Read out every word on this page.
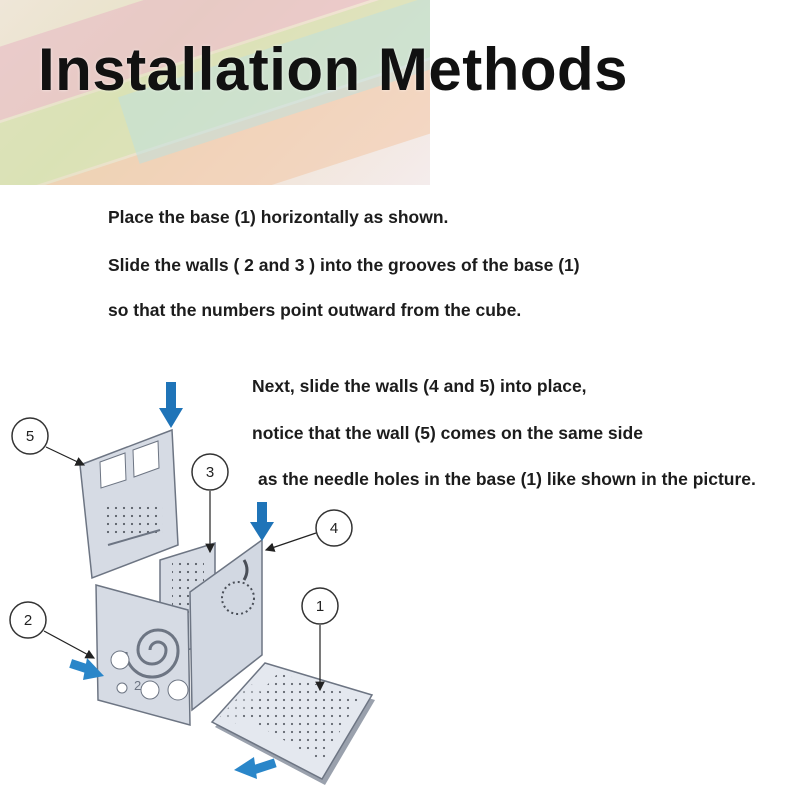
Installation Methods

Place the base (1) horizontally as shown.

Slide the walls ( 2 and 3 ) into the grooves of the base (1)

so that the numbers point outward from the cube.

Next, slide the walls (4 and 5) into place,

notice that the wall (5) comes on the same side

as the needle holes in the base (1) like shown in the picture.

2
5
3
4
2
1
